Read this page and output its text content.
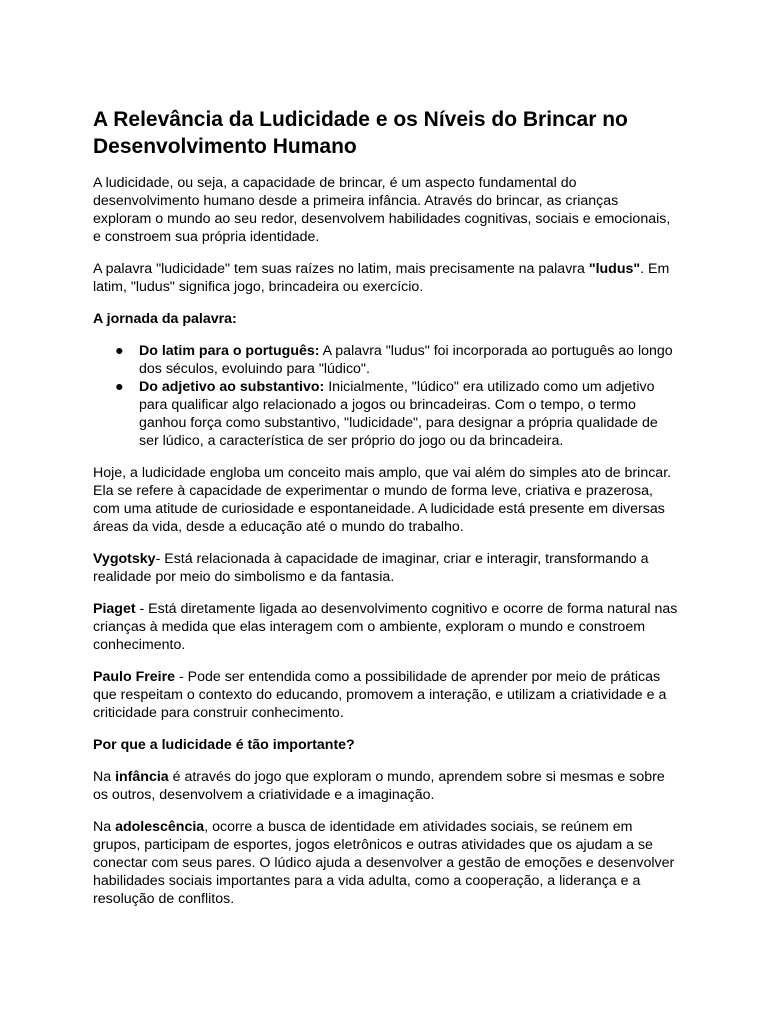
A Relevância da Ludicidade e os Níveis do Brincar no Desenvolvimento Humano

A ludicidade, ou seja, a capacidade de brincar, é um aspecto fundamental do desenvolvimento humano desde a primeira infância. Através do brincar, as crianças exploram o mundo ao seu redor, desenvolvem habilidades cognitivas, sociais e emocionais, e constroem sua própria identidade.

A palavra "ludicidade" tem suas raízes no latim, mais precisamente na palavra "ludus". Em latim, "ludus" significa jogo, brincadeira ou exercício.

A jornada da palavra:

● Do latim para o português: A palavra "ludus" foi incorporada ao português ao longo dos séculos, evoluindo para "lúdico".
● Do adjetivo ao substantivo: Inicialmente, "lúdico" era utilizado como um adjetivo para qualificar algo relacionado a jogos ou brincadeiras. Com o tempo, o termo ganhou força como substantivo, "ludicidade", para designar a própria qualidade de ser lúdico, a característica de ser próprio do jogo ou da brincadeira.

Hoje, a ludicidade engloba um conceito mais amplo, que vai além do simples ato de brincar. Ela se refere à capacidade de experimentar o mundo de forma leve, criativa e prazerosa, com uma atitude de curiosidade e espontaneidade. A ludicidade está presente em diversas áreas da vida, desde a educação até o mundo do trabalho.

Vygotsky- Está relacionada à capacidade de imaginar, criar e interagir, transformando a realidade por meio do simbolismo e da fantasia.

Piaget - Está diretamente ligada ao desenvolvimento cognitivo e ocorre de forma natural nas crianças à medida que elas interagem com o ambiente, exploram o mundo e constroem conhecimento.

Paulo Freire - Pode ser entendida como a possibilidade de aprender por meio de práticas que respeitam o contexto do educando, promovem a interação, e utilizam a criatividade e a criticidade para construir conhecimento.

Por que a ludicidade é tão importante?

Na infância é através do jogo que exploram o mundo, aprendem sobre si mesmas e sobre os outros, desenvolvem a criatividade e a imaginação.

Na adolescência, ocorre a busca de identidade em atividades sociais, se reúnem em grupos, participam de esportes, jogos eletrônicos e outras atividades que os ajudam a se conectar com seus pares. O lúdico ajuda a desenvolver a gestão de emoções e desenvolver habilidades sociais importantes para a vida adulta, como a cooperação, a liderança e a resolução de conflitos.
